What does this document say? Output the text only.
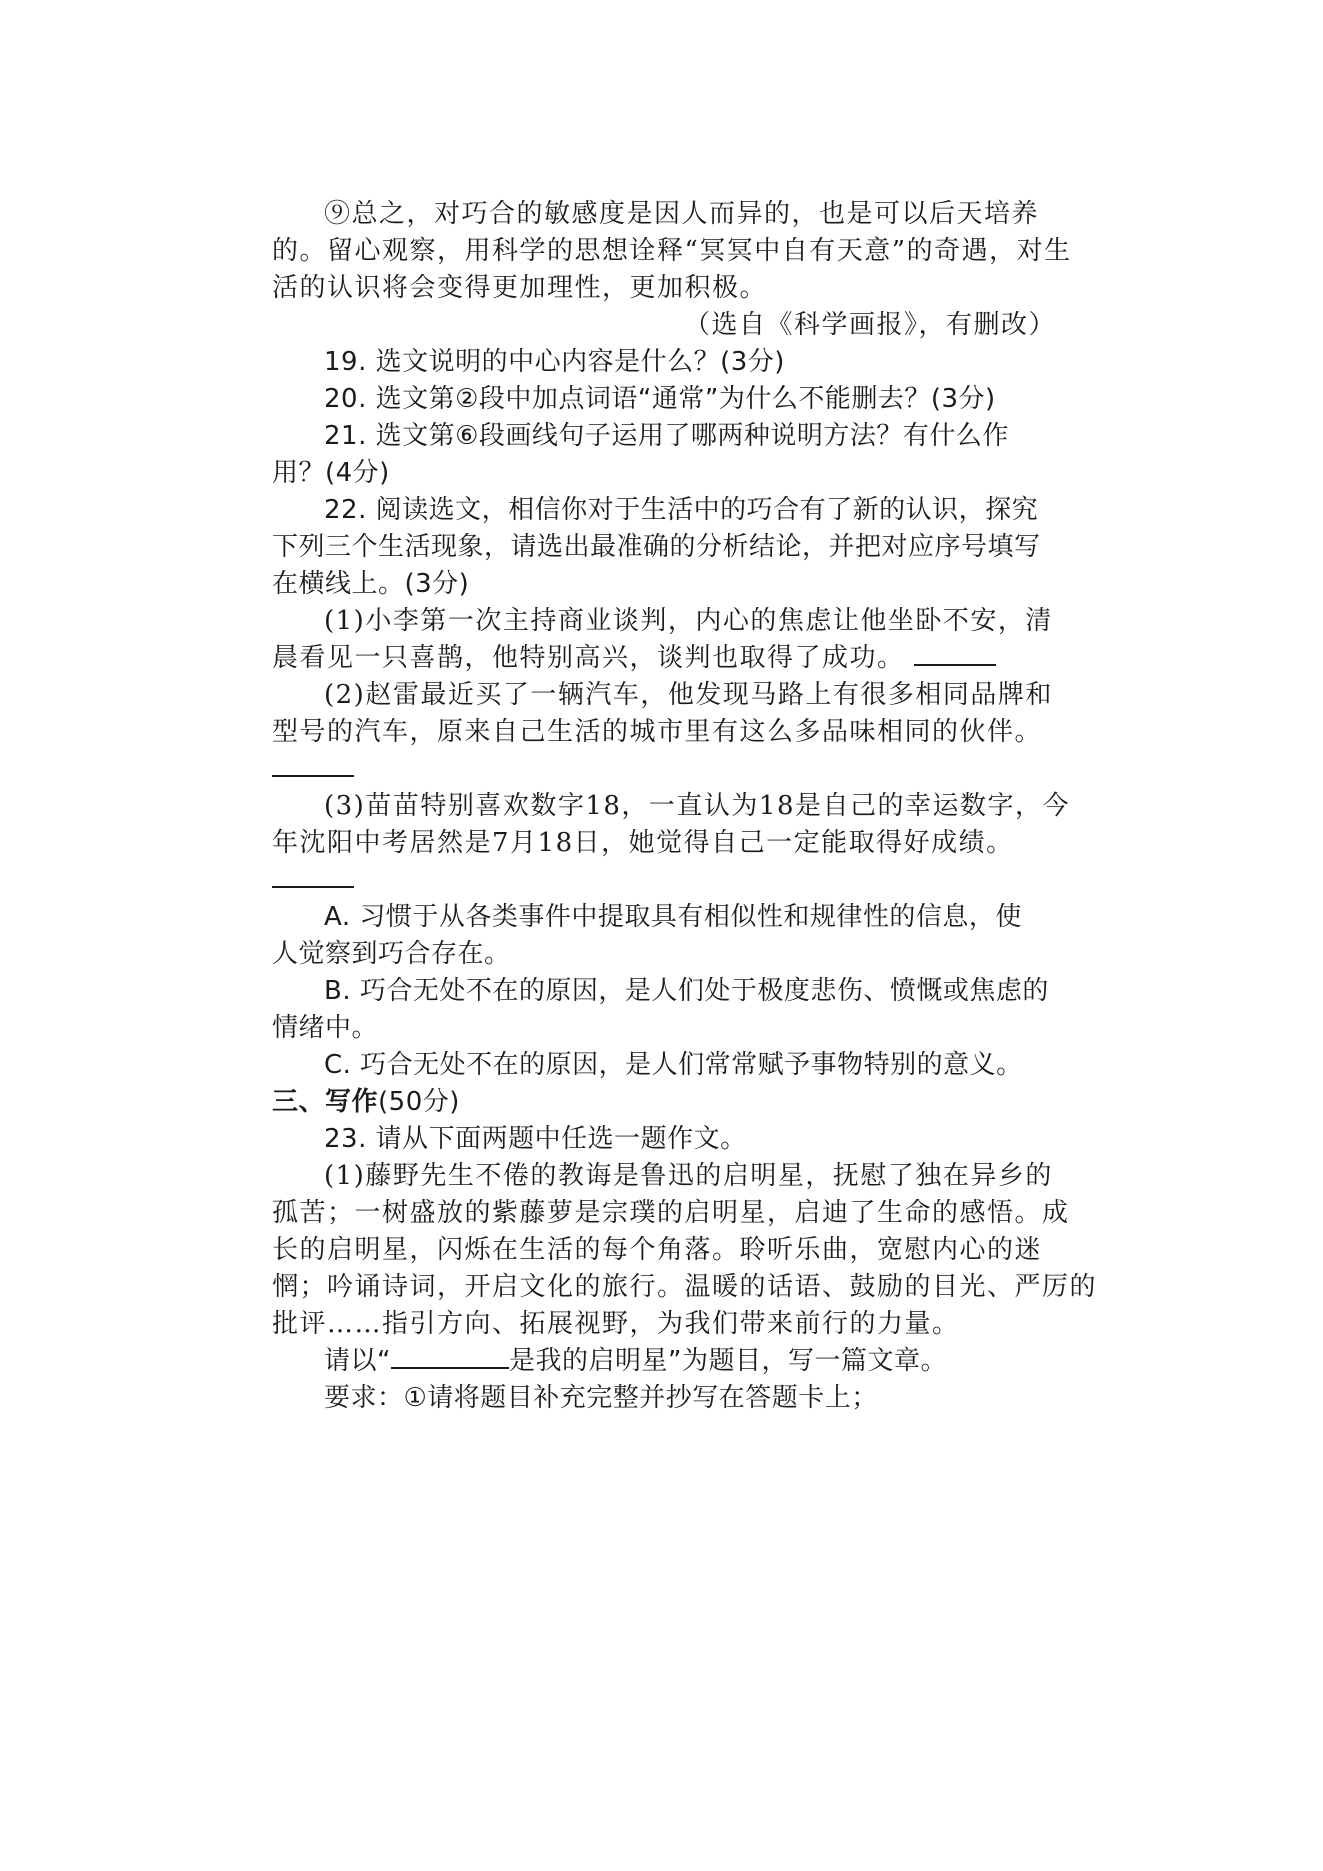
⑨总之，对巧合的敏感度是因人而异的，也是可以后天培养

的。留心观察，用科学的思想诠释“冥冥中自有天意”的奇遇，对生

活的认识将会变得更加理性，更加积极。

（选自《科学画报》，有删改）

19. 选文说明的中心内容是什么？(3分)

20. 选文第②段中加点词语“通常”为什么不能删去？(3分)

21. 选文第⑥段画线句子运用了哪两种说明方法？有什么作

用？(4分)

22. 阅读选文，相信你对于生活中的巧合有了新的认识，探究

下列三个生活现象，请选出最准确的分析结论，并把对应序号填写

在横线上。(3分)

(1)小李第一次主持商业谈判，内心的焦虑让他坐卧不安，清

晨看见一只喜鹊，他特别高兴，谈判也取得了成功。

(2)赵雷最近买了一辆汽车，他发现马路上有很多相同品牌和

型号的汽车，原来自己生活的城市里有这么多品味相同的伙伴。

(3)苗苗特别喜欢数字18，一直认为18是自己的幸运数字，今

年沈阳中考居然是7月18日，她觉得自己一定能取得好成绩。

A. 习惯于从各类事件中提取具有相似性和规律性的信息，使

人觉察到巧合存在。

B. 巧合无处不在的原因，是人们处于极度悲伤、愤慨或焦虑的

情绪中。

C. 巧合无处不在的原因，是人们常常赋予事物特别的意义。

三、写作(50分)

23. 请从下面两题中任选一题作文。

(1)藤野先生不倦的教诲是鲁迅的启明星，抚慰了独在异乡的

孤苦；一树盛放的紫藤萝是宗璞的启明星，启迪了生命的感悟。成

长的启明星，闪烁在生活的每个角落。聆听乐曲，宽慰内心的迷

惘；吟诵诗词，开启文化的旅行。温暖的话语、鼓励的目光、严厉的

批评……指引方向、拓展视野，为我们带来前行的力量。

请以“	是我的启明星”为题目，写一篇文章。

要求：①请将题目补充完整并抄写在答题卡上；
